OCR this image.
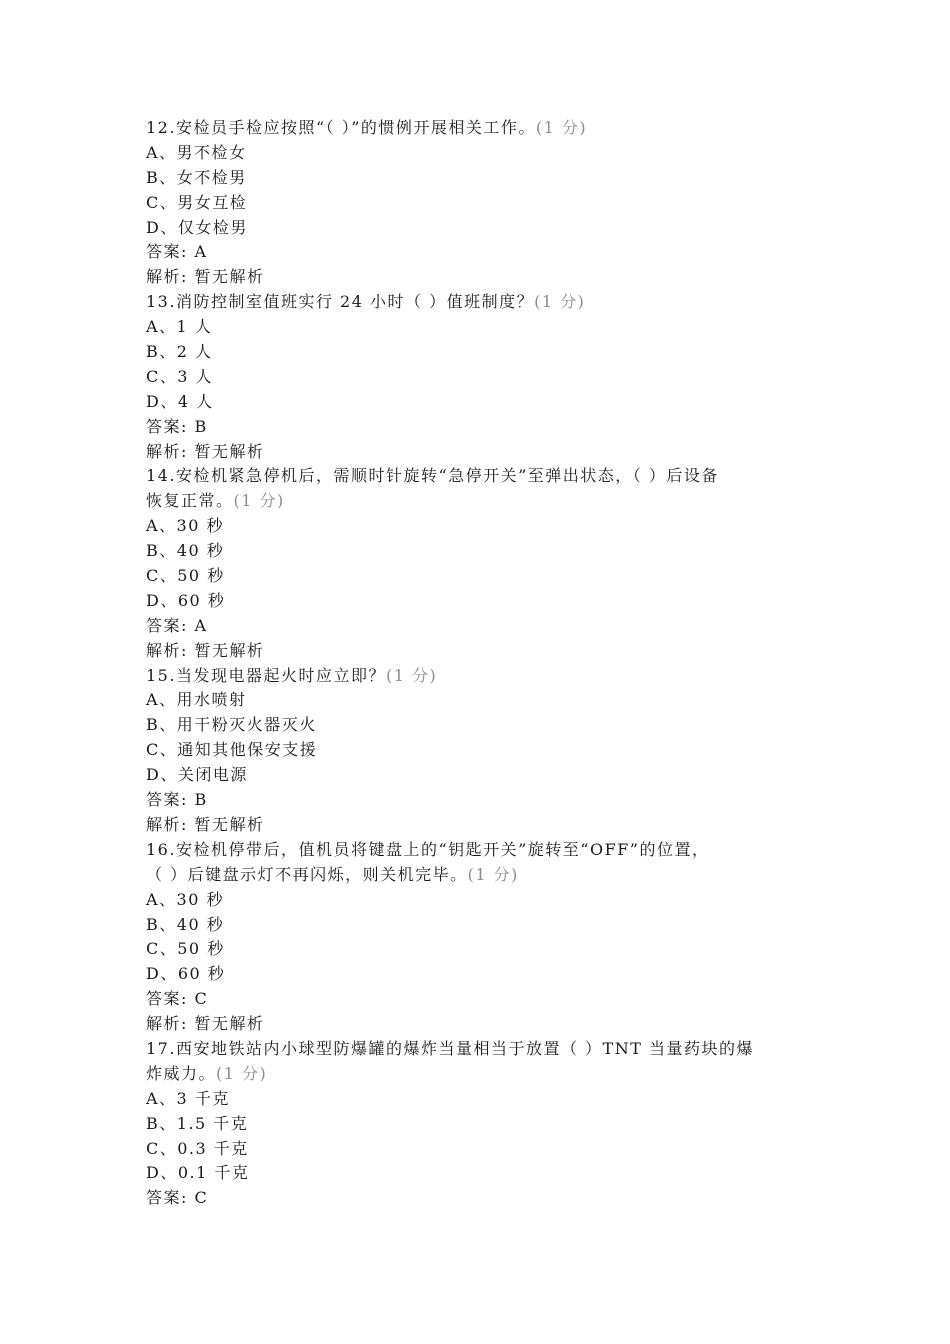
12.安检员手检应按照“（ ）”的惯例开展相关工作。(1 分)
A、男不检女
B、女不检男
C、男女互检
D、仅女检男
答案: A
解析: 暂无解析
13.消防控制室值班实行 24 小时（ ）值班制度？(1 分)
A、1 人
B、2 人
C、3 人
D、4 人
答案: B
解析: 暂无解析
14.安检机紧急停机后，需顺时针旋转“急停开关”至弹出状态，（ ）后设备
恢复正常。(1 分)
A、30 秒
B、40 秒
C、50 秒
D、60 秒
答案: A
解析: 暂无解析
15.当发现电器起火时应立即？(1 分)
A、用水喷射
B、用干粉灭火器灭火
C、通知其他保安支援
D、关闭电源
答案: B
解析: 暂无解析
16.安检机停带后，值机员将键盘上的“钥匙开关”旋转至“OFF”的位置，
（ ）后键盘示灯不再闪烁，则关机完毕。(1 分)
A、30 秒
B、40 秒
C、50 秒
D、60 秒
答案: C
解析: 暂无解析
17.西安地铁站内小球型防爆罐的爆炸当量相当于放置（ ）TNT 当量药块的爆
炸威力。(1 分)
A、3 千克
B、1.5 千克
C、0.3 千克
D、0.1 千克
答案: C
